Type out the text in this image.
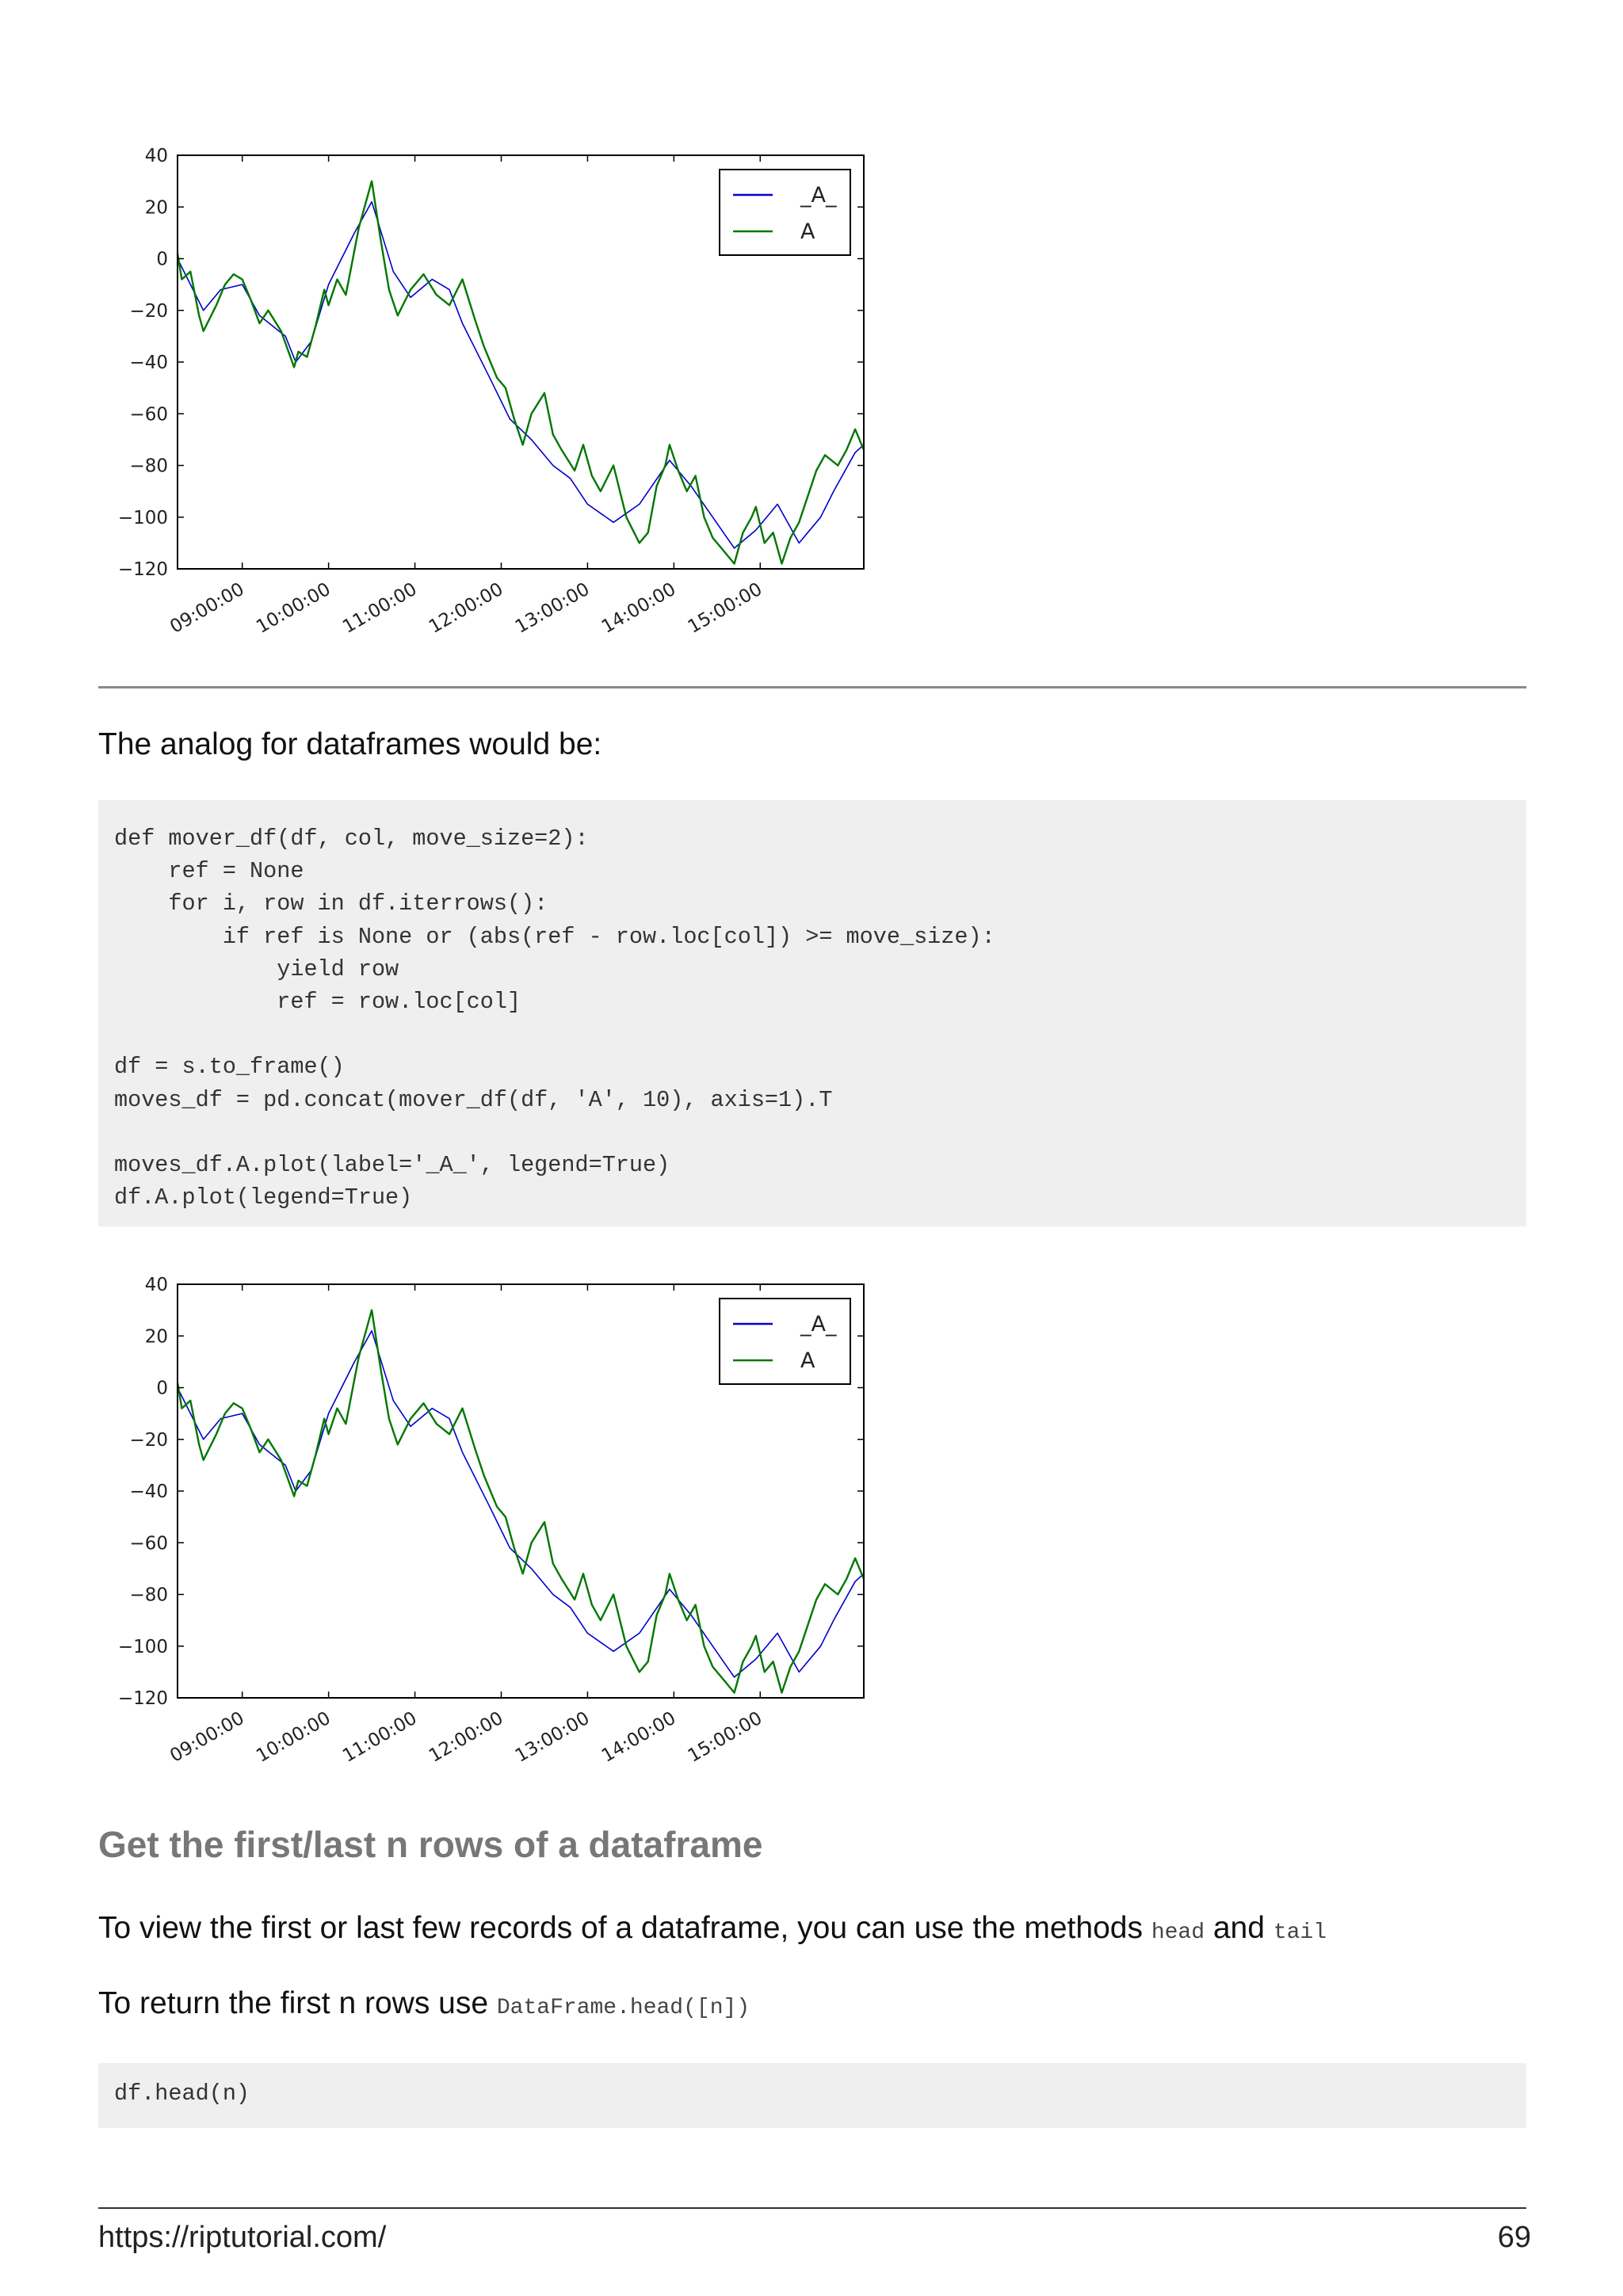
40
20
0
−20
−40
−60
−80
−100
−120
09:00:00 10:00:00 11:00:00 12:00:00 13:00:00 14:00:00 15:00:00
_A_
A

The analog for dataframes would be:

def mover_df(df, col, move_size=2):
ref = None
for i, row in df.iterrows():
if ref is None or (abs(ref - row.loc[col]) >= move_size):
yield row
ref = row.loc[col]

df = s.to_frame()
moves_df = pd.concat(mover_df(df, 'A', 10), axis=1).T

moves_df.A.plot(label='_A_', legend=True)
df.A.plot(legend=True)
40
20
0
−20
−40
−60
−80
−100
−120
09:00:00 10:00:00 11:00:00 12:00:00 13:00:00 14:00:00 15:00:00
_A_
A
Get the first/last n rows of a dataframe

To view the first or last few records of a dataframe, you can use the methods head and tail

To return the first n rows use DataFrame.head([n])

df.head(n)
https://riptutorial.com/	69
